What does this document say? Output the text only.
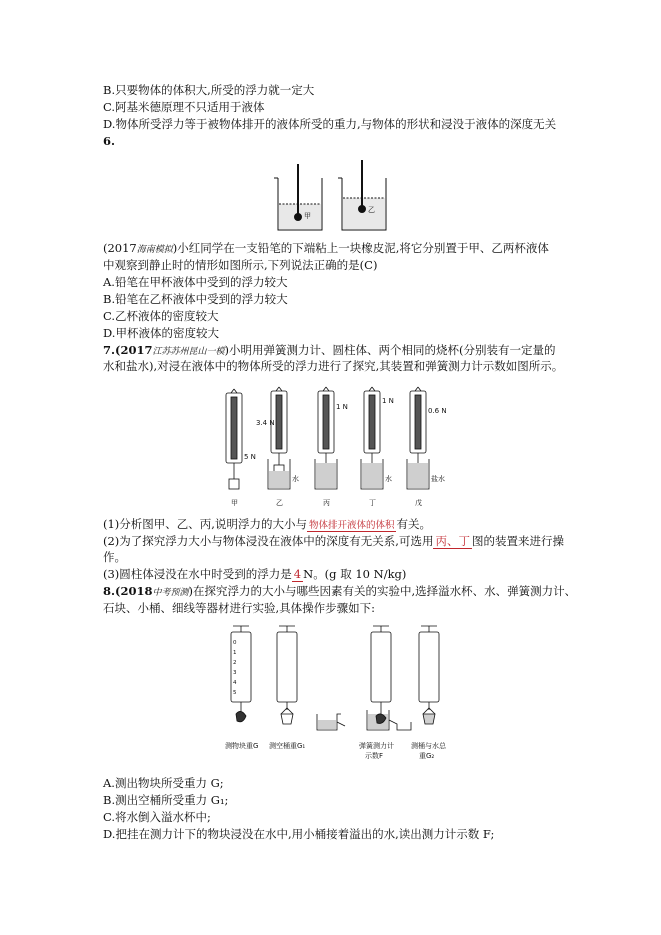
B.只要物体的体积大,所受的浮力就一定大
C.阿基米德原理不只适用于液体
D.物体所受浮力等于被物体排开的液体所受的重力,与物体的形状和浸没于液体的深度无关
6.
甲
乙
(2017海南模拟)小红同学在一支铅笔的下端粘上一块橡皮泥,将它分别置于甲、乙两杯液体
中观察到静止时的情形如图所示,下列说法正确的是(C)
A.铅笔在甲杯液体中受到的浮力较大
B.铅笔在乙杯液体中受到的浮力较大
C.乙杯液体的密度较大
D.甲杯液体的密度较大
7.(2017江苏苏州昆山一模)小明用弹簧测力计、圆柱体、两个相同的烧杯(分别装有一定量的
水和盐水),对浸在液体中的物体所受的浮力进行了探究,其装置和弹簧测力计示数如图所示。
5 N
3.4 N
1 N
1 N
0.6 N
水	水	盐水
甲	乙	丙	丁	戊
(1)分析图甲、乙、丙,说明浮力的大小与 物体排开液体的体积 有关。
(2)为了探究浮力大小与物体浸没在液体中的深度有无关系,可选用 丙、丁 图的装置来进行操
作。
(3)圆柱体浸没在水中时受到的浮力是 4 N。(g 取 10 N/kg)
8.(2018中考预测)在探究浮力的大小与哪些因素有关的实验中,选择溢水杯、水、弹簧测力计、
石块、小桶、细线等器材进行实验,具体操作步骤如下:
0
1
2
3
4
5
测物块重G 测空桶重G₁	弹簧测力计
示数F
测桶与水总
重G₂
A.测出物块所受重力 G;
B.测出空桶所受重力 G₁;
C.将水倒入溢水杯中;
D.把挂在测力计下的物块浸没在水中,用小桶接着溢出的水,读出测力计示数 F;
